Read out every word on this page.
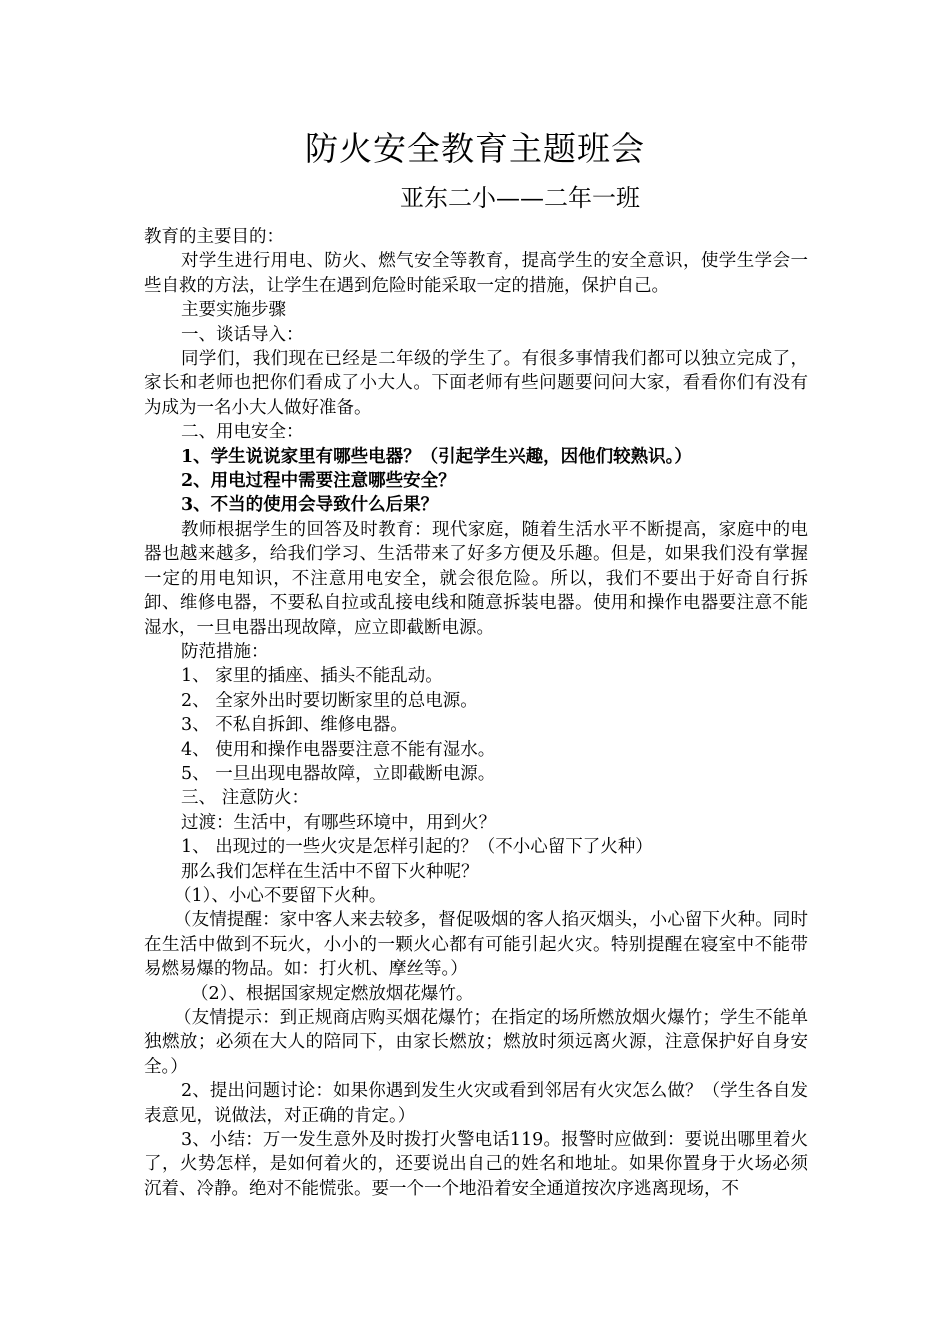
防火安全教育主题班会
亚东二小——二年一班

教育的主要目的：

对学生进行用电、防火、燃气安全等教育，提高学生的安全意识，使学生学会一些自救的方法，让学生在遇到危险时能采取一定的措施，保护自己。

主要实施步骤

一、谈话导入：

同学们，我们现在已经是二年级的学生了。有很多事情我们都可以独立完成了，家长和老师也把你们看成了小大人。下面老师有些问题要问问大家，看看你们有没有为成为一名小大人做好准备。

二、用电安全：

1、学生说说家里有哪些电器？（引起学生兴趣，因他们较熟识。）

2、用电过程中需要注意哪些安全？

3、不当的使用会导致什么后果？

教师根据学生的回答及时教育：现代家庭，随着生活水平不断提高，家庭中的电器也越来越多，给我们学习、生活带来了好多方便及乐趣。但是，如果我们没有掌握一定的用电知识，不注意用电安全，就会很危险。所以，我们不要出于好奇自行拆卸、维修电器，不要私自拉或乱接电线和随意拆装电器。使用和操作电器要注意不能湿水，一旦电器出现故障，应立即截断电源。

防范措施：

1、 家里的插座、插头不能乱动。

2、 全家外出时要切断家里的总电源。

3、 不私自拆卸、维修电器。

4、 使用和操作电器要注意不能有湿水。

5、 一旦出现电器故障，立即截断电源。

三、 注意防火：

过渡：生活中，有哪些环境中，用到火？

1、 出现过的一些火灾是怎样引起的？（不小心留下了火种）

那么我们怎样在生活中不留下火种呢？

（1）、小心不要留下火种。

（友情提醒：家中客人来去较多，督促吸烟的客人掐灭烟头，小心留下火种。同时在生活中做到不玩火，小小的一颗火心都有可能引起火灾。特别提醒在寝室中不能带易燃易爆的物品。如：打火机、摩丝等。）

（2）、根据国家规定燃放烟花爆竹。

（友情提示：到正规商店购买烟花爆竹；在指定的场所燃放烟火爆竹；学生不能单独燃放；必须在大人的陪同下，由家长燃放；燃放时须远离火源，注意保护好自身安全。）

2、提出问题讨论：如果你遇到发生火灾或看到邻居有火灾怎么做？（学生各自发表意见，说做法，对正确的肯定。）

3、小结：万一发生意外及时拨打火警电话119。报警时应做到：要说出哪里着火了，火势怎样，是如何着火的，还要说出自己的姓名和地址。如果你置身于火场必须沉着、冷静。绝对不能慌张。要一个一个地沿着安全通道按次序逃离现场，不
